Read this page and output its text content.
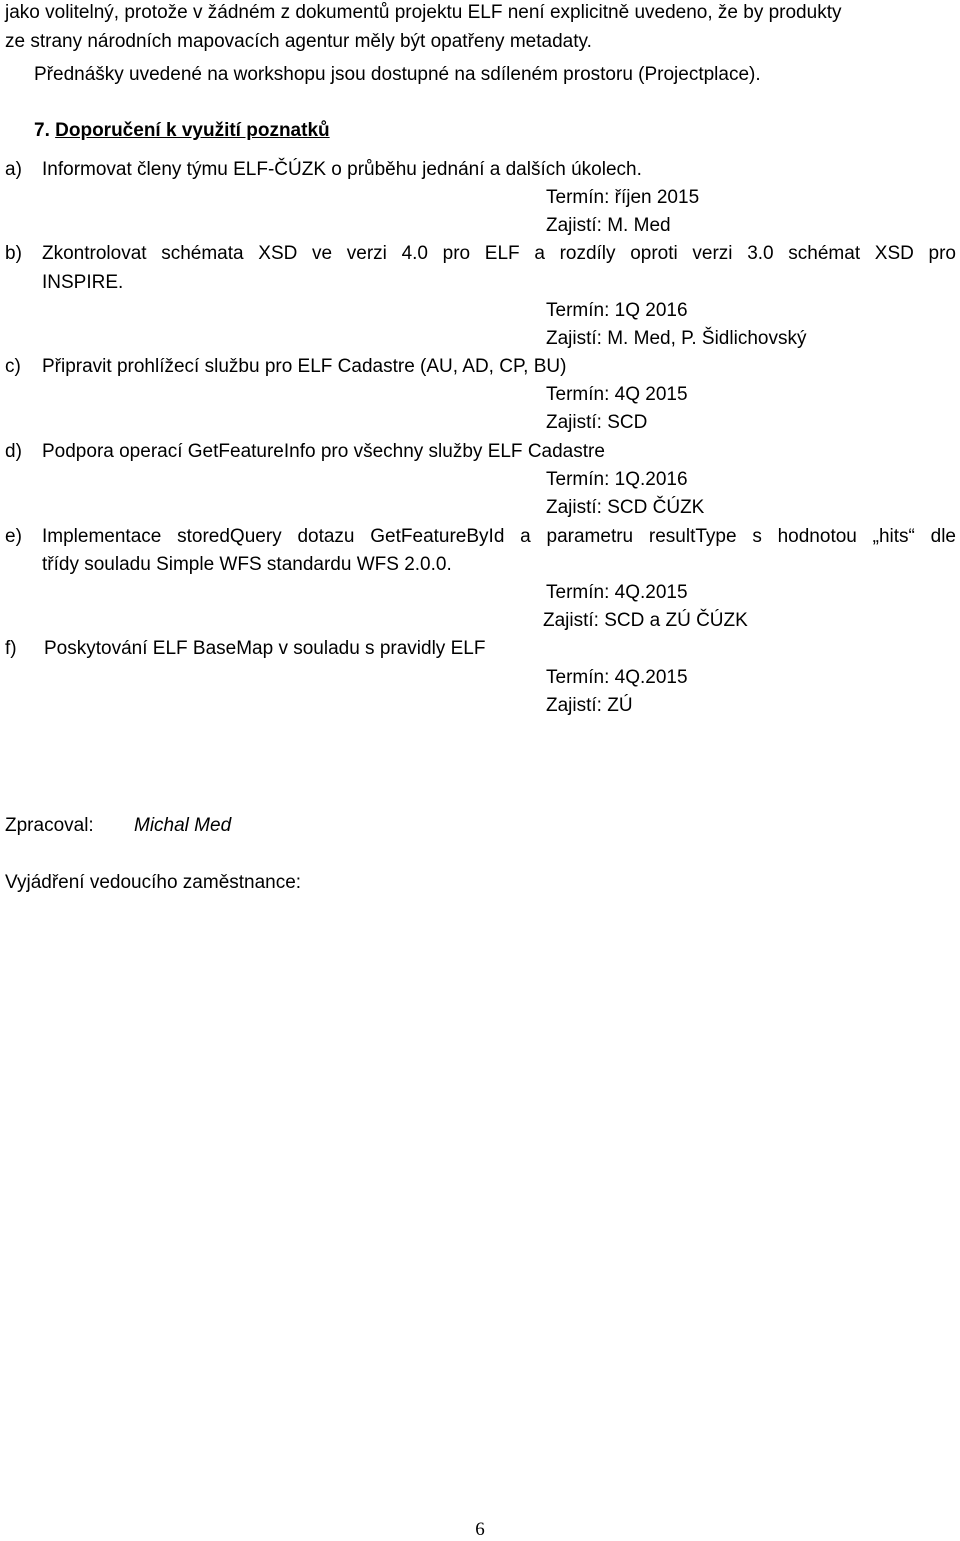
jako volitelný, protože v žádném z dokumentů projektu ELF není explicitně uvedeno, že by produkty
ze strany národních mapovacích agentur měly být opatřeny metadaty.
Přednášky uvedené na workshopu jsou dostupné na sdíleném prostoru (Projectplace).
7. Doporučení k využití poznatků
a) Informovat členy týmu ELF-ČÚZK o průběhu jednání a dalších úkolech.
Termín: říjen 2015
Zajistí: M. Med
b) Zkontrolovat schémata XSD ve verzi 4.0 pro ELF a rozdíly oproti verzi 3.0 schémat XSD pro
INSPIRE.
Termín: 1Q 2016
Zajistí: M. Med, P. Šidlichovský
c) Připravit prohlížecí službu pro ELF Cadastre (AU, AD, CP, BU)
Termín: 4Q 2015
Zajistí: SCD
d) Podpora operací GetFeatureInfo pro všechny služby ELF Cadastre
Termín: 1Q.2016
Zajistí: SCD ČÚZK
e) Implementace storedQuery dotazu GetFeatureById a parametru resultType s hodnotou „hits“ dle
třídy souladu Simple WFS standardu WFS 2.0.0.
Termín: 4Q.2015
Zajistí: SCD a ZÚ ČÚZK
f) Poskytování ELF BaseMap v souladu s pravidly ELF
Termín: 4Q.2015
Zajistí: ZÚ
Zpracoval: Michal Med
Vyjádření vedoucího zaměstnance:
6
